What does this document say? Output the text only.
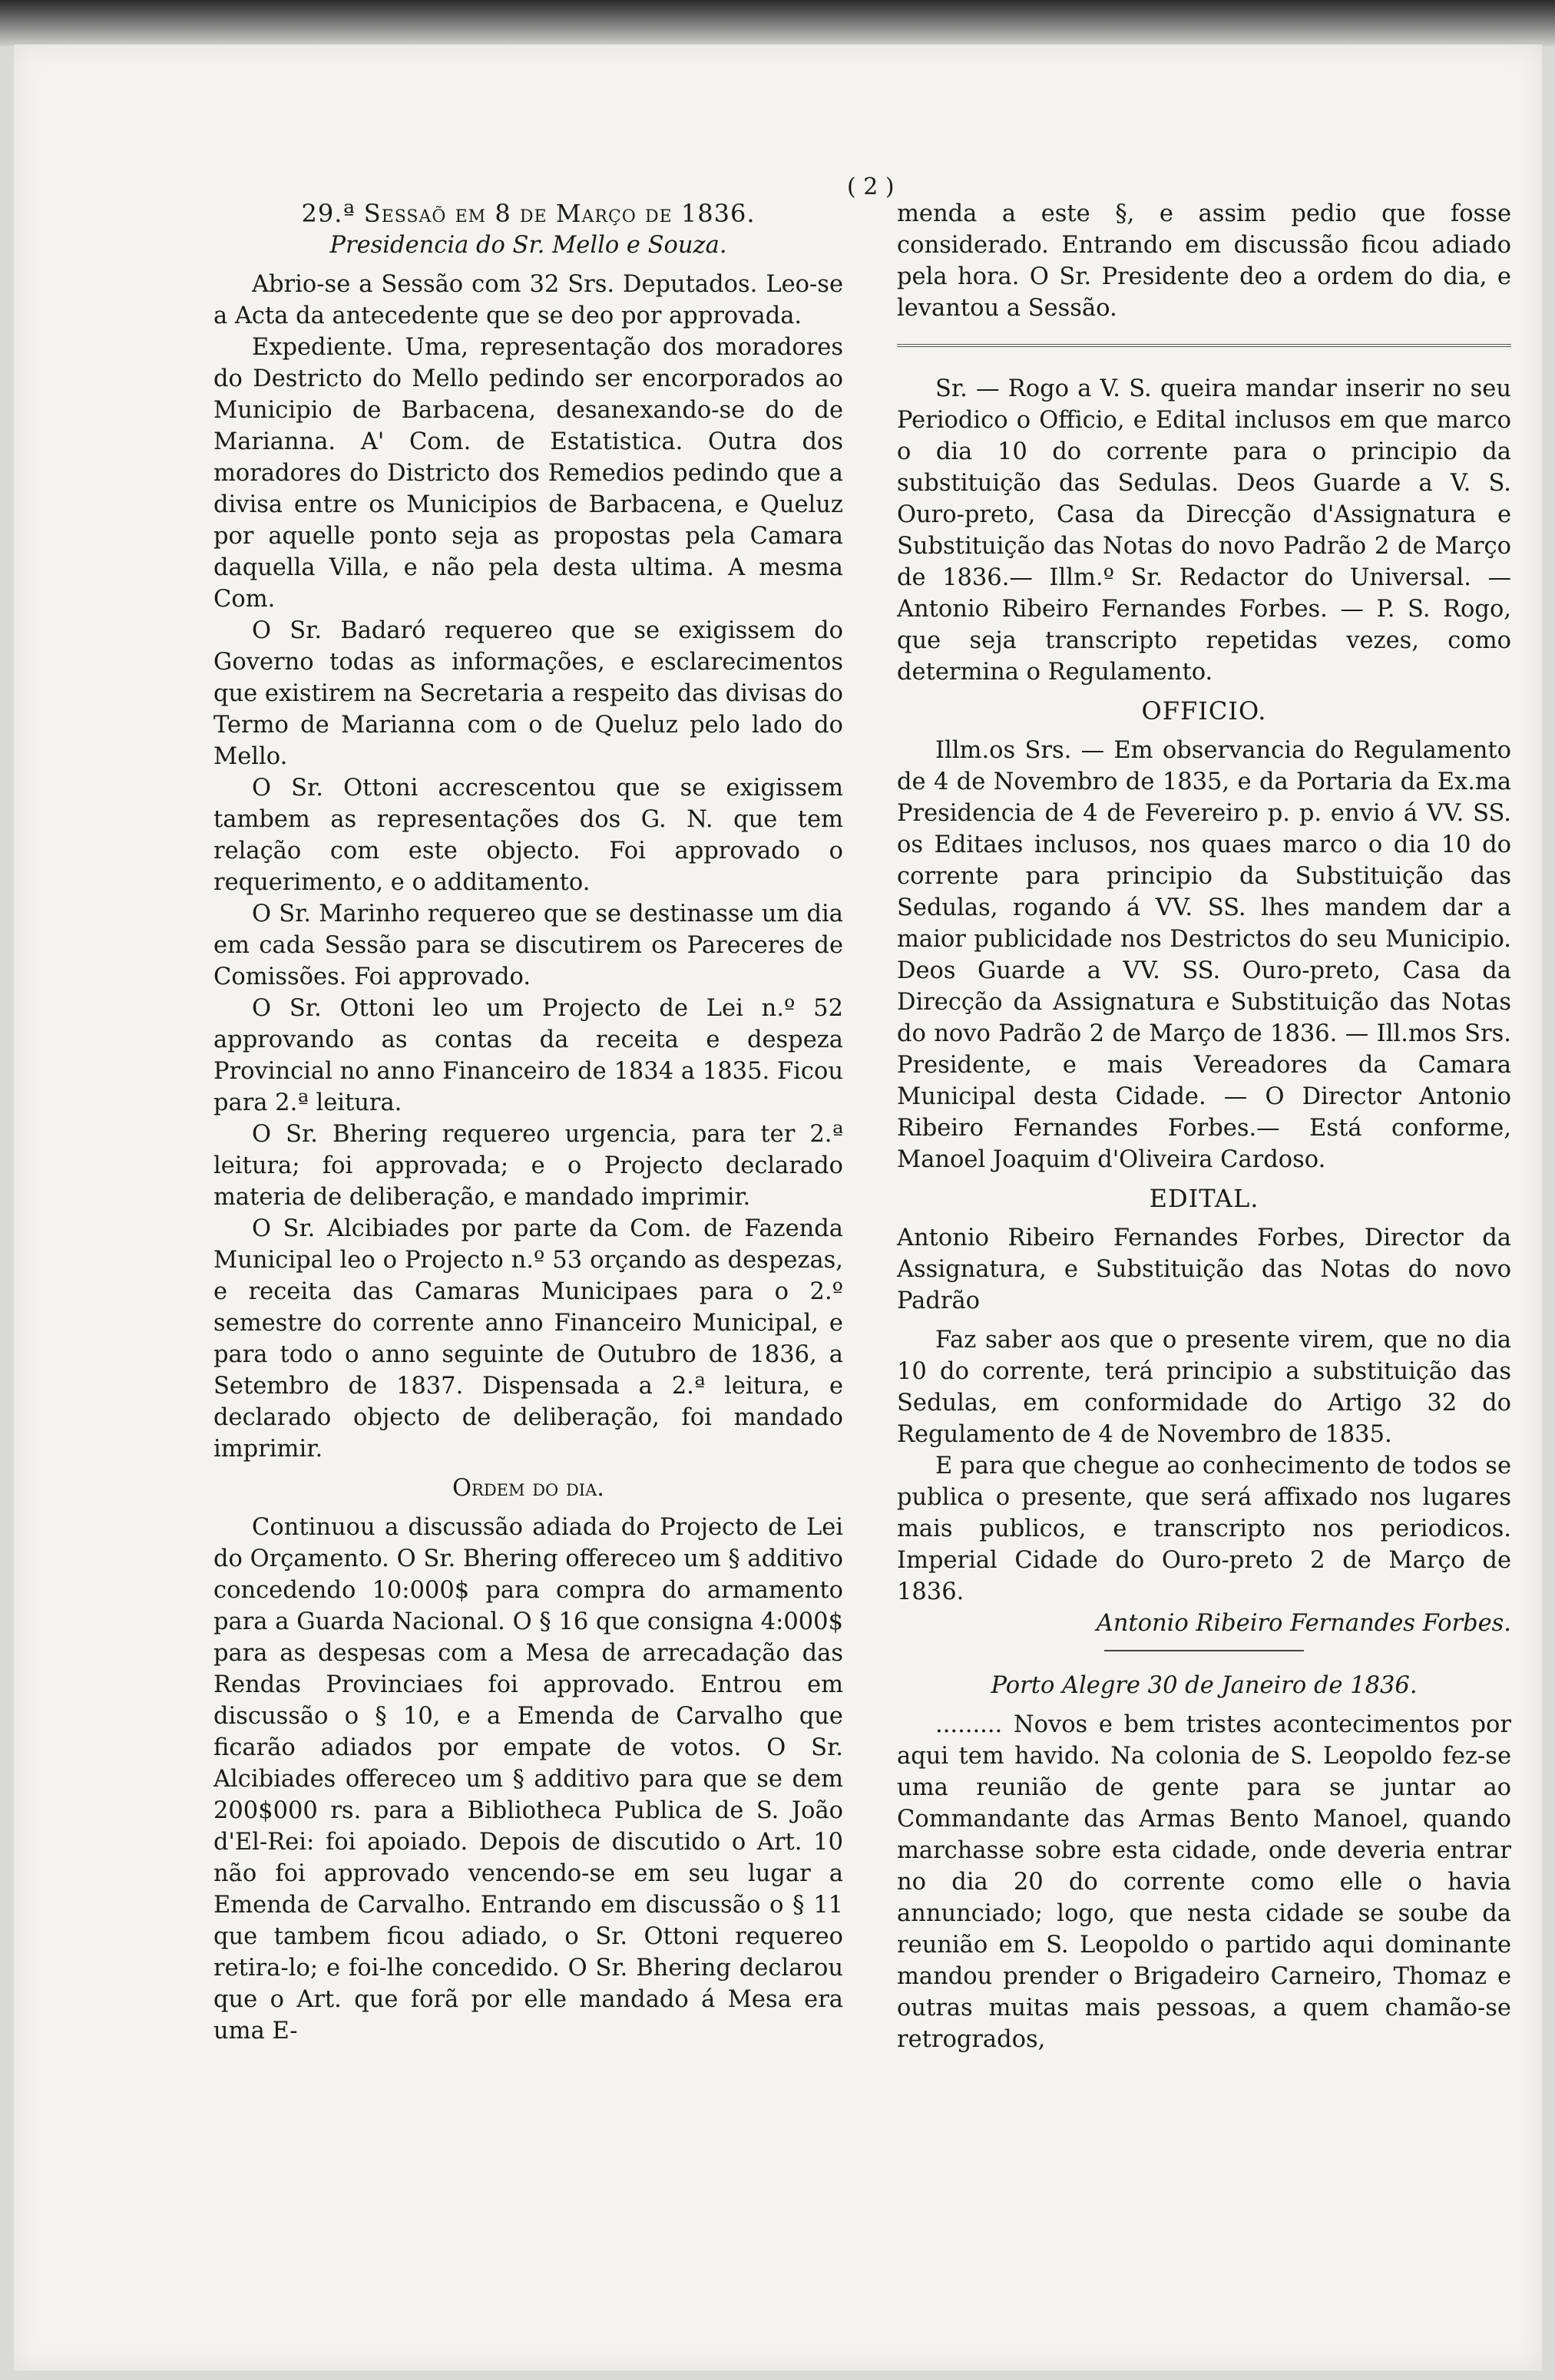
( 2 )

29.ª Sessaõ em 8 de Março de 1836.

Presidencia do Sr. Mello e Souza.

Abrio-se a Sessão com 32 Srs. Deputados. Leo-se a Acta da antecedente que se deo por approvada.

Expediente. Uma, representação dos moradores do Destricto do Mello pedindo ser encorporados ao Municipio de Barbacena, desanexando-se do de Marianna. A' Com. de Estatistica. Outra dos moradores do Districto dos Remedios pedindo que a divisa entre os Municipios de Barbacena, e Queluz por aquelle ponto seja as propostas pela Camara daquella Villa, e não pela desta ultima. A mesma Com.

O Sr. Badaró requereo que se exigissem do Governo todas as informações, e esclarecimentos que existirem na Secretaria a respeito das divisas do Termo de Marianna com o de Queluz pelo lado do Mello.

O Sr. Ottoni accrescentou que se exigissem tambem as representações dos G. N. que tem relação com este objecto. Foi approvado o requerimento, e o additamento.

O Sr. Marinho requereo que se destinasse um dia em cada Sessão para se discutirem os Pareceres de Comissões. Foi approvado.

O Sr. Ottoni leo um Projecto de Lei n.º 52 approvando as contas da receita e despeza Provincial no anno Financeiro de 1834 a 1835. Ficou para 2.ª leitura.

O Sr. Bhering requereo urgencia, para ter 2.ª leitura; foi approvada; e o Projecto declarado materia de deliberação, e mandado imprimir.

O Sr. Alcibiades por parte da Com. de Fazenda Municipal leo o Projecto n.º 53 orçando as despezas, e receita das Camaras Municipaes para o 2.º semestre do corrente anno Financeiro Municipal, e para todo o anno seguinte de Outubro de 1836, a Setembro de 1837. Dispensada a 2.ª leitura, e declarado objecto de deliberação, foi mandado imprimir.

Ordem do dia.

Continuou a discussão adiada do Projecto de Lei do Orçamento. O Sr. Bhering offereceo um § additivo concedendo 10:000$ para compra do armamento para a Guarda Nacional. O § 16 que consigna 4:000$ para as despesas com a Mesa de arrecadação das Rendas Provinciaes foi approvado. Entrou em discussão o § 10, e a Emenda de Carvalho que ficarão adiados por empate de votos. O Sr. Alcibiades offereceo um § additivo para que se dem 200$000 rs. para a Bibliotheca Publica de S. João d'El-Rei: foi apoiado. Depois de discutido o Art. 10 não foi approvado vencendo-se em seu lugar a Emenda de Carvalho. Entrando em discussão o § 11 que tambem ficou adiado, o Sr. Ottoni requereo retira-lo; e foi-lhe concedido. O Sr. Bhering declarou que o Art. que forã por elle mandado á Mesa era uma E-

menda a este §, e assim pedio que fosse considerado. Entrando em discussão ficou adiado pela hora. O Sr. Presidente deo a ordem do dia, e levantou a Sessão.

Sr. — Rogo a V. S. queira mandar inserir no seu Periodico o Officio, e Edital inclusos em que marco o dia 10 do corrente para o principio da substituição das Sedulas. Deos Guarde a V. S. Ouro-preto, Casa da Direcção d'Assignatura e Substituição das Notas do novo Padrão 2 de Março de 1836.— Illm.º Sr. Redactor do Universal. — Antonio Ribeiro Fernandes Forbes. — P. S. Rogo, que seja transcripto repetidas vezes, como determina o Regulamento.

OFFICIO.

Illm.os Srs. — Em observancia do Regulamento de 4 de Novembro de 1835, e da Portaria da Ex.ma Presidencia de 4 de Fevereiro p. p. envio á VV. SS. os Editaes inclusos, nos quaes marco o dia 10 do corrente para principio da Substituição das Sedulas, rogando á VV. SS. lhes mandem dar a maior publicidade nos Destrictos do seu Municipio. Deos Guarde a VV. SS. Ouro-preto, Casa da Direcção da Assignatura e Substituição das Notas do novo Padrão 2 de Março de 1836. — Ill.mos Srs. Presidente, e mais Vereadores da Camara Municipal desta Cidade. — O Director Antonio Ribeiro Fernandes Forbes.— Está conforme, Manoel Joaquim d'Oliveira Cardoso.

EDITAL.

Antonio Ribeiro Fernandes Forbes, Director da Assignatura, e Substituição das Notas do novo Padrão

Faz saber aos que o presente virem, que no dia 10 do corrente, terá principio a substituição das Sedulas, em conformidade do Artigo 32 do Regulamento de 4 de Novembro de 1835.

E para que chegue ao conhecimento de todos se publica o presente, que será affixado nos lugares mais publicos, e transcripto nos periodicos. Imperial Cidade do Ouro-preto 2 de Março de 1836.

Antonio Ribeiro Fernandes Forbes.

Porto Alegre 30 de Janeiro de 1836.

......... Novos e bem tristes acontecimentos por aqui tem havido. Na colonia de S. Leopoldo fez-se uma reunião de gente para se juntar ao Commandante das Armas Bento Manoel, quando marchasse sobre esta cidade, onde deveria entrar no dia 20 do corrente como elle o havia annunciado; logo, que nesta cidade se soube da reunião em S. Leopoldo o partido aqui dominante mandou prender o Brigadeiro Carneiro, Thomaz e outras muitas mais pessoas, a quem chamão-se retrogrados,
